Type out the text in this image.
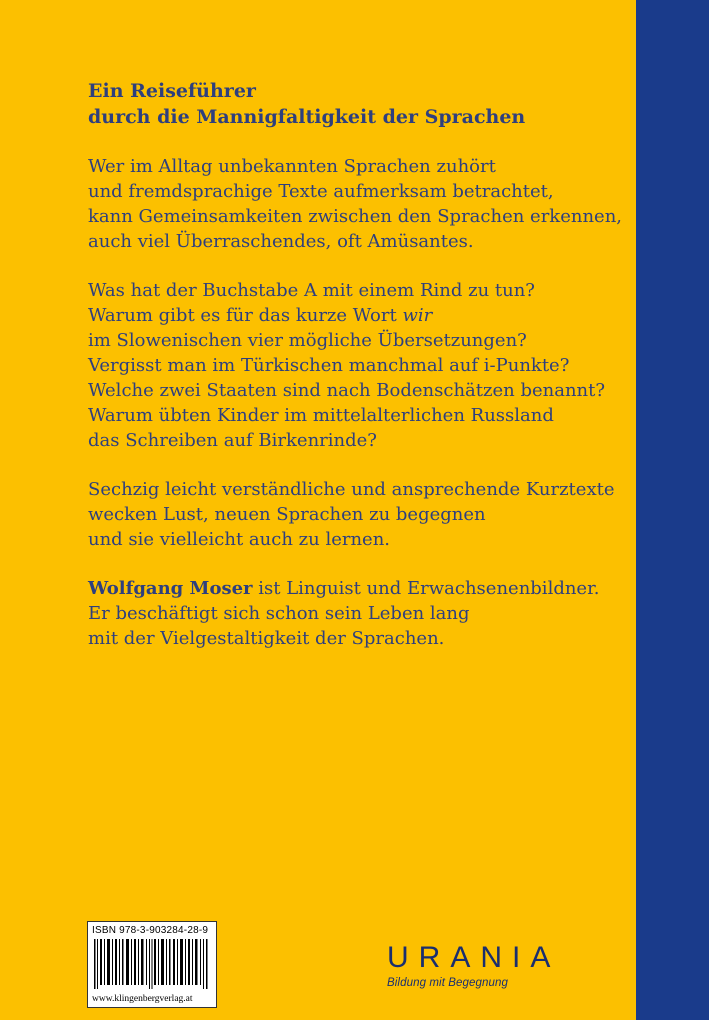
Ein Reiseführer
durch die Mannigfaltigkeit der Sprachen

Wer im Alltag unbekannten Sprachen zuhört
und fremdsprachige Texte aufmerksam betrachtet,
kann Gemeinsamkeiten zwischen den Sprachen erkennen,
auch viel Überraschendes, oft Amüsantes.

Was hat der Buchstabe A mit einem Rind zu tun?
Warum gibt es für das kurze Wort wir
im Slowenischen vier mögliche Übersetzungen?
Vergisst man im Türkischen manchmal auf i-Punkte?
Welche zwei Staaten sind nach Bodenschätzen benannt?
Warum übten Kinder im mittelalterlichen Russland
das Schreiben auf Birkenrinde?

Sechzig leicht verständliche und ansprechende Kurztexte
wecken Lust, neuen Sprachen zu begegnen
und sie vielleicht auch zu lernen.

Wolfgang Moser ist Linguist und Erwachsenenbildner.
Er beschäftigt sich schon sein Leben lang
mit der Vielgestaltigkeit der Sprachen.

ISBN 978-3-903284-28-9
www.klingenbergverlag.at
URANIA
Bildung mit Begegnung
